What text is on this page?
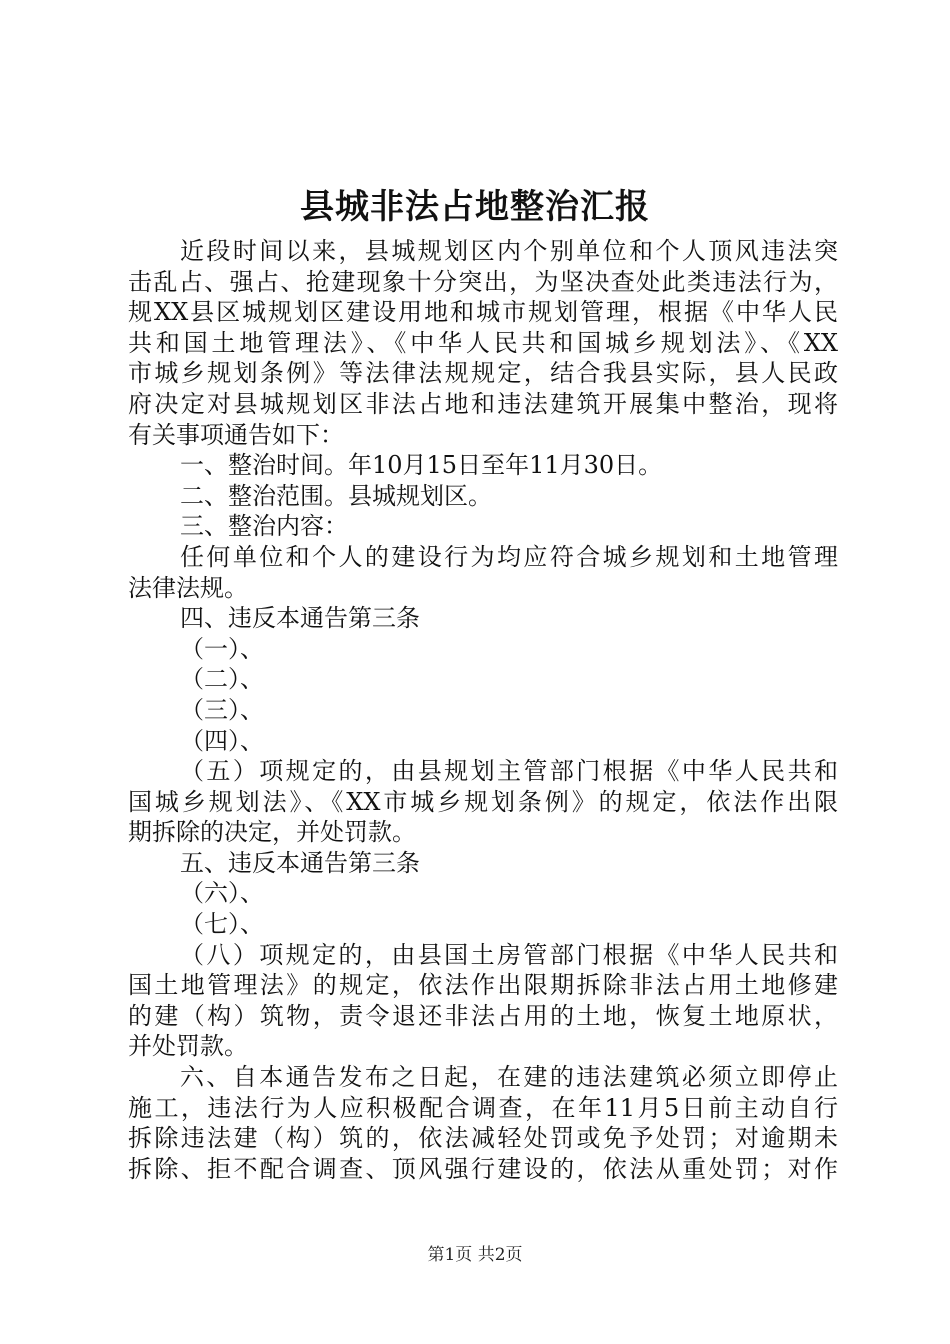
县城非法占地整治汇报
近段时间以来，县城规划区内个别单位和个人顶风违法突
击乱占、强占、抢建现象十分突出，为坚决查处此类违法行为，
规XX县区城规划区建设用地和城市规划管理，根据《中华人民
共和国土地管理法》、《中华人民共和国城乡规划法》、《XX
市城乡规划条例》等法律法规规定，结合我县实际，县人民政
府决定对县城规划区非法占地和违法建筑开展集中整治，现将
有关事项通告如下：
一、整治时间。年10月15日至年11月30日。
二、整治范围。县城规划区。
三、整治内容：
任何单位和个人的建设行为均应符合城乡规划和土地管理
法律法规。
四、违反本通告第三条
（一）、
（二）、
（三）、
（四）、
（五）项规定的，由县规划主管部门根据《中华人民共和
国城乡规划法》、《XX市城乡规划条例》的规定，依法作出限
期拆除的决定，并处罚款。
五、违反本通告第三条
（六）、
（七）、
（八）项规定的，由县国土房管部门根据《中华人民共和
国土地管理法》的规定，依法作出限期拆除非法占用土地修建
的建（构）筑物，责令退还非法占用的土地，恢复土地原状，
并处罚款。
六、自本通告发布之日起，在建的违法建筑必须立即停止
施工，违法行为人应积极配合调查，在年11月5日前主动自行
拆除违法建（构）筑的，依法减轻处罚或免予处罚；对逾期未
拆除、拒不配合调查、顶风强行建设的，依法从重处罚；对作
第1页 共2页
